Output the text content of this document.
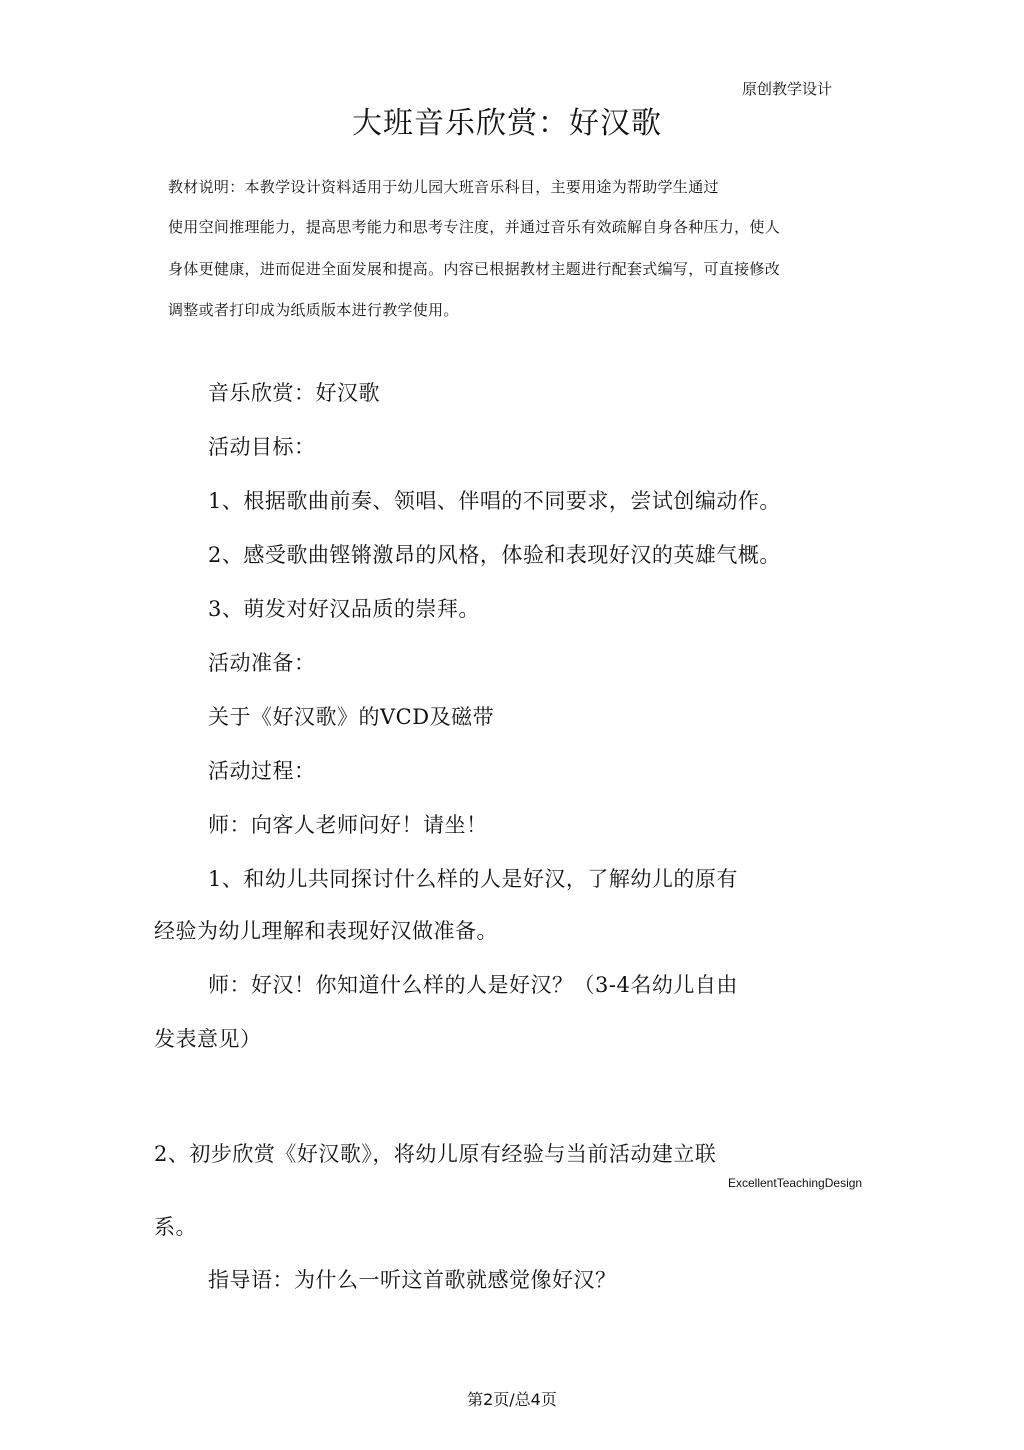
原创教学设计
大班音乐欣赏：好汉歌
教材说明：本教学设计资料适用于幼儿园大班音乐科目，主要用途为帮助学生通过
使用空间推理能力，提高思考能力和思考专注度，并通过音乐有效疏解自身各种压力，使人
身体更健康，进而促进全面发展和提高。内容已根据教材主题进行配套式编写，可直接修改
调整或者打印成为纸质版本进行教学使用。
音乐欣赏：好汉歌
活动目标：
1、根据歌曲前奏、领唱、伴唱的不同要求，尝试创编动作。
2、感受歌曲铿锵激昂的风格，体验和表现好汉的英雄气概。
3、萌发对好汉品质的崇拜。
活动准备：
关于《好汉歌》的VCD及磁带
活动过程：
师：向客人老师问好！请坐！
1、和幼儿共同探讨什么样的人是好汉，了解幼儿的原有
经验为幼儿理解和表现好汉做准备。
师：好汉！你知道什么样的人是好汉？（3-4名幼儿自由
发表意见）
2、初步欣赏《好汉歌》，将幼儿原有经验与当前活动建立联
ExcellentTeachingDesign
系。
指导语：为什么一听这首歌就感觉像好汉？
第2页/总4页
